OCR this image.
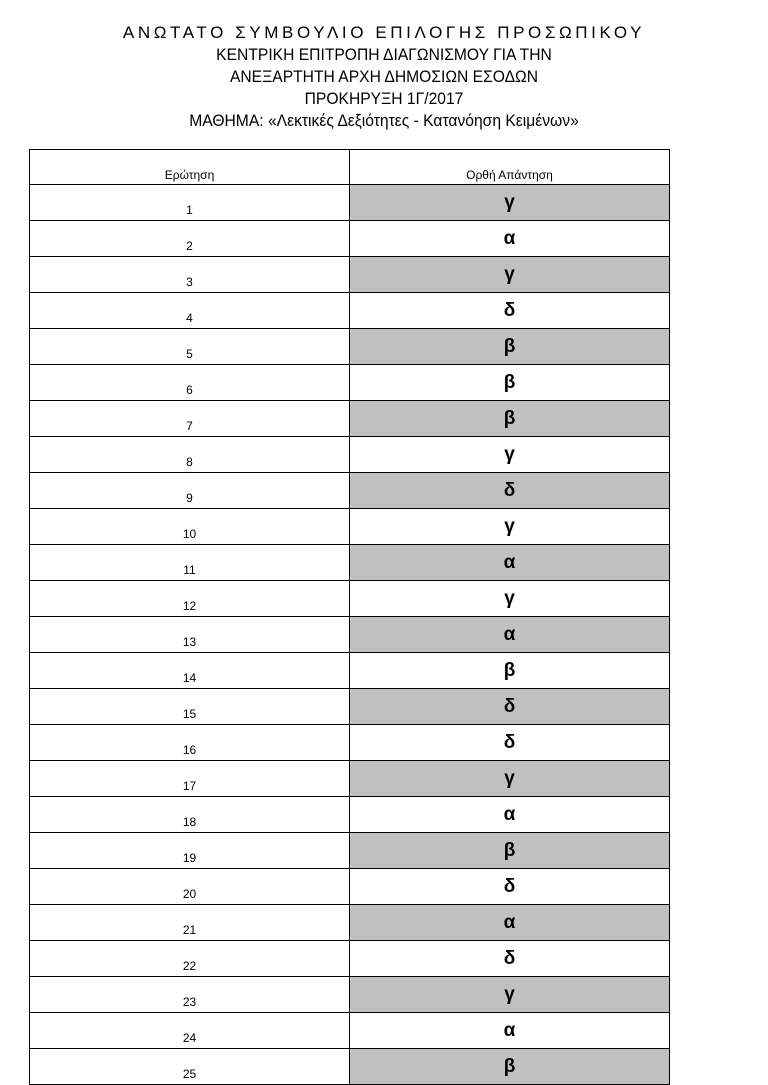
ΑΝΩΤΑΤΟ ΣΥΜΒΟΥΛΙΟ ΕΠΙΛΟΓΗΣ ΠΡΟΣΩΠΙΚΟΥ
ΚΕΝΤΡΙΚΗ ΕΠΙΤΡΟΠΗ ΔΙΑΓΩΝΙΣΜΟΥ ΓΙΑ ΤΗΝ
ΑΝΕΞΑΡΤΗΤΗ ΑΡΧΗ ΔΗΜΟΣΙΩΝ ΕΣΟΔΩΝ
ΠΡΟΚΗΡΥΞΗ 1Γ/2017
ΜΑΘΗΜΑ: «Λεκτικές Δεξιότητες - Κατανόηση Κειμένων»
Ερώτηση	Ορθή Απάντηση
1	γ
2	α
3	γ
4	δ
5	β
6	β
7	β
8	γ
9	δ
10	γ
11	α
12	γ
13	α
14	β
15	δ
16	δ
17	γ
18	α
19	β
20	δ
21	α
22	δ
23	γ
24	α
25	β
